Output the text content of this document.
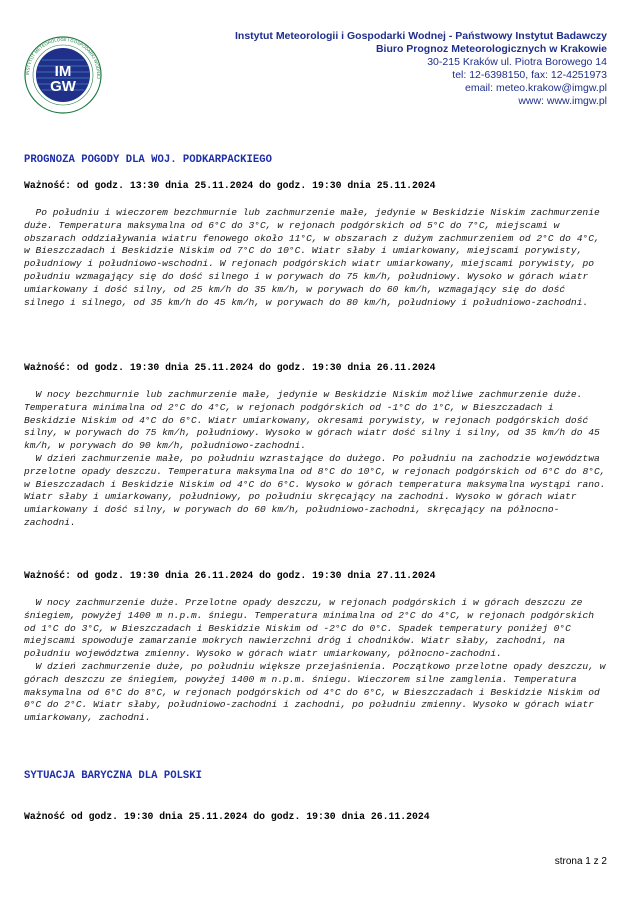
IM
GW
INSTYTUT METEOROLOGII I GOSPODARKI WODNEJ
Instytut Meteorologii i Gospodarki Wodnej - Państwowy Instytut Badawczy
Biuro Prognoz Meteorologicznych w Krakowie
30-215 Kraków ul. Piotra Borowego 14
tel: 12-6398150, fax: 12-4251973
email: meteo.krakow@imgw.pl
www: www.imgw.pl
PROGNOZA POGODY DLA WOJ. PODKARPACKIEGO
Ważność: od godz. 13:30 dnia 25.11.2024 do godz. 19:30 dnia 25.11.2024

Po południu i wieczorem bezchmurnie lub zachmurzenie małe, jedynie w Beskidzie Niskim zachmurzenie duże. Temperatura maksymalna od 6°C do 3°C, w rejonach podgórskich od 5°C do 7°C, miejscami w obszarach oddziaływania wiatru fenowego około 11°C, w obszarach z dużym zachmurzeniem od 2°C do 4°C, w Bieszczadach i Beskidzie Niskim od 7°C do 10°C. Wiatr słaby i umiarkowany, miejscami porywisty, południowy i południowo-wschodni. W rejonach podgórskich wiatr umiarkowany, miejscami porywisty, po południu wzmagający się do dość silnego i w porywach do 75 km/h, południowy. Wysoko w górach wiatr umiarkowany i dość silny, od 25 km/h do 35 km/h, w porywach do 60 km/h, wzmagający się do dość silnego i silnego, od 35 km/h do 45 km/h, w porywach do 80 km/h, południowy i południowo-zachodni.

Ważność: od godz. 19:30 dnia 25.11.2024 do godz. 19:30 dnia 26.11.2024

W nocy bezchmurnie lub zachmurzenie małe, jedynie w Beskidzie Niskim możliwe zachmurzenie duże. Temperatura minimalna od 2°C do 4°C, w rejonach podgórskich od -1°C do 1°C, w Bieszczadach i Beskidzie Niskim od 4°C do 6°C. Wiatr umiarkowany, okresami porywisty, w rejonach podgórskich dość silny, w porywach do 75 km/h, południowy. Wysoko w górach wiatr dość silny i silny, od 35 km/h do 45 km/h, w porywach do 90 km/h, południowo-zachodni.

W dzień zachmurzenie małe, po południu wzrastające do dużego. Po południu na zachodzie województwa przelotne opady deszczu. Temperatura maksymalna od 8°C do 10°C, w rejonach podgórskich od 6°C do 8°C, w Bieszczadach i Beskidzie Niskim od 4°C do 6°C. Wysoko w górach temperatura maksymalna wystąpi rano. Wiatr słaby i umiarkowany, południowy, po południu skręcający na zachodni. Wysoko w górach wiatr umiarkowany i dość silny, w porywach do 60 km/h, południowo-zachodni, skręcający na północno-zachodni.

Ważność: od godz. 19:30 dnia 26.11.2024 do godz. 19:30 dnia 27.11.2024

W nocy zachmurzenie duże. Przelotne opady deszczu, w rejonach podgórskich i w górach deszczu ze śniegiem, powyżej 1400 m n.p.m. śniegu. Temperatura minimalna od 2°C do 4°C, w rejonach podgórskich od 1°C do 3°C, w Bieszczadach i Beskidzie Niskim od -2°C do 0°C. Spadek temperatury poniżej 0°C miejscami spowoduje zamarzanie mokrych nawierzchni dróg i chodników. Wiatr słaby, zachodni, na południu województwa zmienny. Wysoko w górach wiatr umiarkowany, północno-zachodni.

W dzień zachmurzenie duże, po południu większe przejaśnienia. Początkowo przelotne opady deszczu, w górach deszczu ze śniegiem, powyżej 1400 m n.p.m. śniegu. Wieczorem silne zamglenia. Temperatura maksymalna od 6°C do 8°C, w rejonach podgórskich od 4°C do 6°C, w Bieszczadach i Beskidzie Niskim od 0°C do 2°C. Wiatr słaby, południowo-zachodni i zachodni, po południu zmienny. Wysoko w górach wiatr umiarkowany, zachodni.

SYTUACJA BARYCZNA DLA POLSKI
Ważność od godz. 19:30 dnia 25.11.2024 do godz. 19:30 dnia 26.11.2024
strona 1 z 2
